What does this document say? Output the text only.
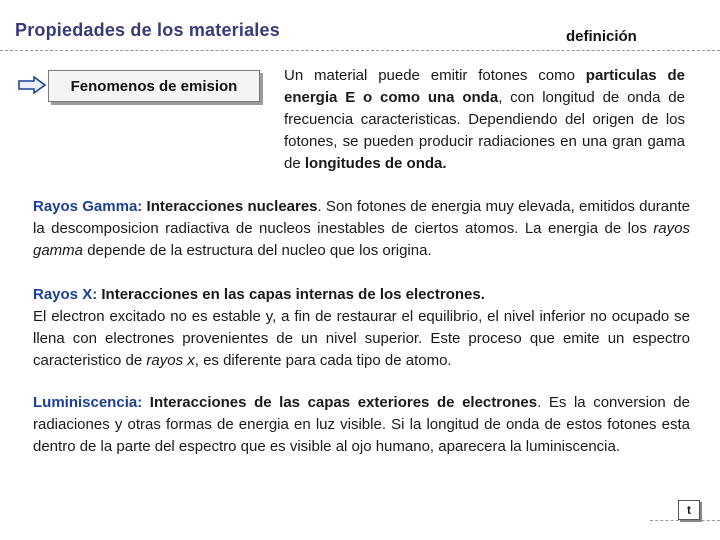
Propiedades de los materiales	definición
Fenomenos de emision
Un material puede emitir fotones como particulas de energia E o como una onda, con longitud de onda de frecuencia caracteristicas. Dependiendo del origen de los fotones, se pueden producir radiaciones en una gran gama de longitudes de onda.
Rayos Gamma: Interacciones nucleares. Son fotones de energia muy elevada, emitidos durante la descomposicion radiactiva de nucleos inestables de ciertos atomos. La energia de los rayos gamma depende de la estructura del nucleo que los origina.
Rayos X: Interacciones en las capas internas de los electrones.
El electron excitado no es estable y, a fin de restaurar el equilibrio, el nivel inferior no ocupado se llena con electrones provenientes de un nivel superior. Este proceso que emite un espectro caracteristico de rayos x, es diferente para cada tipo de atomo.
Luminiscencia: Interacciones de las capas exteriores de electrones. Es la conversion de radiaciones y otras formas de energia en luz visible. Si la longitud de onda de estos fotones esta dentro de la parte del espectro que es visible al ojo humano, aparecera la luminiscencia.
t
